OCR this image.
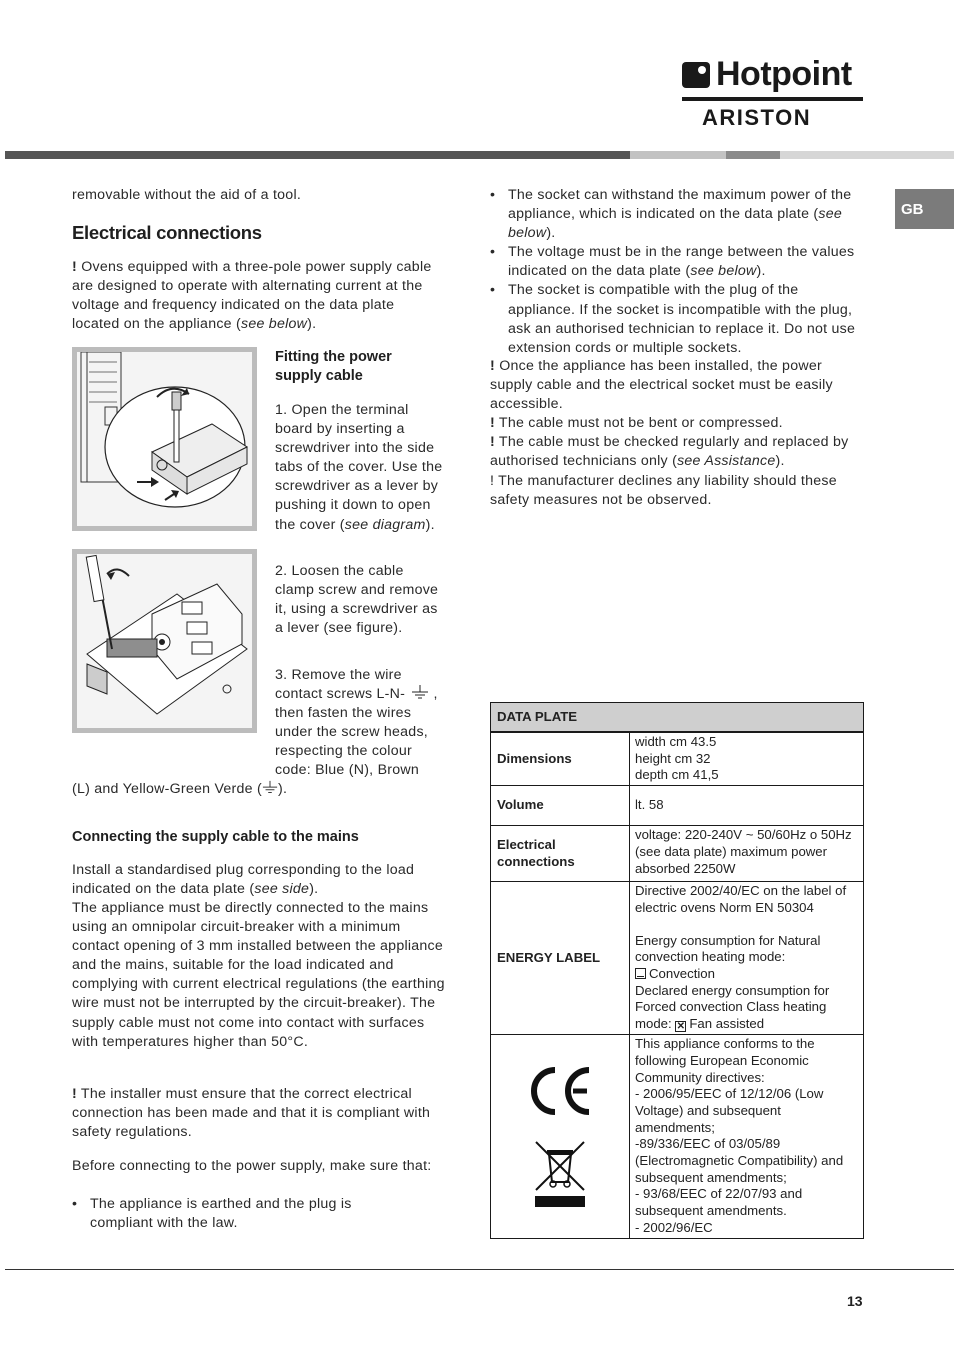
Hotpoint
ARISTON
GB
removable without the aid of a tool.
Electrical connections
! Ovens equipped with a three-pole power supply cable are designed to operate with alternating current at the voltage and frequency indicated on the data plate located on the appliance (see below).
Fitting the power supply cable
1. Open the terminal board by inserting a screwdriver into the side tabs of the cover. Use the screwdriver as a lever by pushing it down to open the cover (see diagram).
2. Loosen the cable clamp screw and remove it, using a screwdriver as a lever (see figure).
3. Remove the wire contact screws L-N- , then fasten the wires under the screw heads, respecting the colour code: Blue (N), Brown
(L) and Yellow-Green Verde ( ).
Connecting the supply cable to the mains
Install a standardised plug corresponding to the load indicated on the data plate (see side).
The appliance must be directly connected to the mains using an omnipolar circuit-breaker with a minimum contact opening of 3 mm installed between the appliance and the mains, suitable for the load indicated and complying with current electrical regulations (the earthing wire must not be interrupted by the circuit-breaker). The supply cable must not come into contact with surfaces with temperatures higher than 50°C.
! The installer must ensure that the correct electrical connection has been made and that it is compliant with safety regulations.
Before connecting to the power supply, make sure that:
• The appliance is earthed and the plug is compliant with the law.
• The socket can withstand the maximum power of the appliance, which is indicated on the data plate (see below).
• The voltage must be in the range between the values indicated on the data plate (see below).
• The socket is compatible with the plug of the appliance. If the socket is incompatible with the plug, ask an authorised technician to replace it. Do not use extension cords or multiple sockets.
! Once the appliance has been installed, the power supply cable and the electrical socket must be easily accessible.
! The cable must not be bent or compressed.
! The cable must be checked regularly and replaced by authorised technicians only (see Assistance).
! The manufacturer declines any liability should these safety measures not be observed.
DATA PLATE	
Dimensions	width cm 43.5
height cm 32
depth cm 41,5

Volume	lt. 58
Electrical connections	voltage: 220-240V ~ 50/60Hz o 50Hz (see data plate) maximum power absorbed 2250W
ENERGY LABEL	Directive 2002/40/EC on the label of electric ovens Norm EN 50304
Energy consumption for Natural convection heating mode:
Convection
Declared energy consumption for Forced convection Class heating mode: ✕ Fan assisted

This appliance conforms to the following European Economic Community directives:
- 2006/95/EEC of 12/12/06 (Low Voltage) and subsequent amendments;
-89/336/EEC of 03/05/89 (Electromagnetic Compatibility) and subsequent amendments;
- 93/68/EEC of 22/07/93 and subsequent amendments.
- 2002/96/EC
13
